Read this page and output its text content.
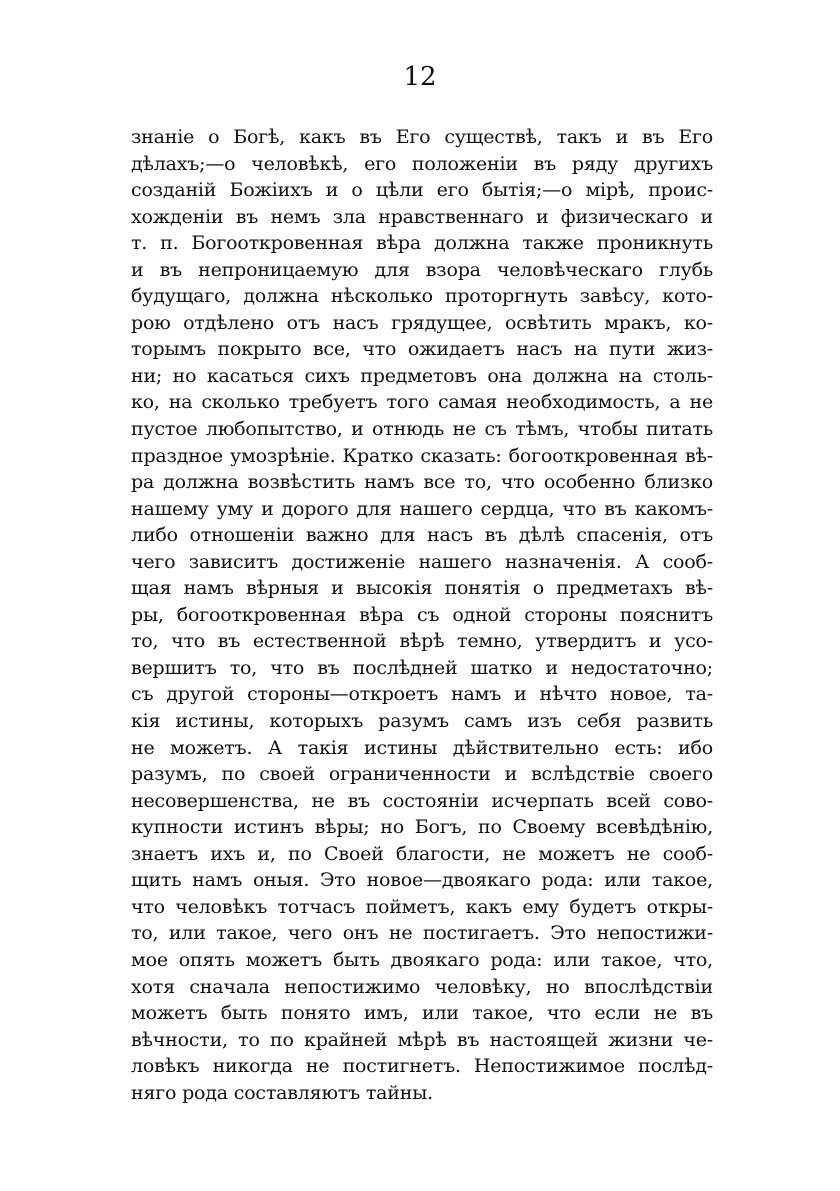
12
знаніе о Богѣ, какъ въ Его существѣ, такъ и въ Его
дѣлахъ;—о человѣкѣ, его положеніи въ ряду другихъ
созданій Божіихъ и о цѣли его бытія;—о мірѣ, проис-
хожденіи въ немъ зла нравственнаго и физическаго и
т. п. Богооткровенная вѣра должна также проникнуть
и въ непроницаемую для взора человѣческаго глубь
будущаго, должна нѣсколько проторгнуть завѣсу, кото-
рою отдѣлено отъ насъ грядущее, освѣтить мракъ, ко-
торымъ покрыто все, что ожидаетъ насъ на пути жиз-
ни; но касаться сихъ предметовъ она должна на столь-
ко, на сколько требуетъ того самая необходимость, а не
пустое любопытство, и отнюдь не съ тѣмъ, чтобы питать
праздное умозрѣніе. Кратко сказать: богооткровенная вѣ-
ра должна возвѣстить намъ все то, что особенно близко
нашему уму и дорого для нашего сердца, что въ какомъ-
либо отношеніи важно для насъ въ дѣлѣ спасенія, отъ
чего зависитъ достиженіе нашего назначенія. А сооб-
щая намъ вѣрныя и высокія понятія о предметахъ вѣ-
ры, богооткровенная вѣра съ одной стороны пояснитъ
то, что въ естественной вѣрѣ темно, утвердитъ и усо-
вершитъ то, что въ послѣдней шатко и недостаточно;
съ другой стороны—откроетъ намъ и нѣчто новое, та-
кія истины, которыхъ разумъ самъ изъ себя развить
не можетъ. А такія истины дѣйствительно есть: ибо
разумъ, по своей ограниченности и вслѣдствіе своего
несовершенства, не въ состояніи исчерпать всей сово-
купности истинъ вѣры; но Богъ, по Своему всевѣдѣнію,
знаетъ ихъ и, по Своей благости, не можетъ не сооб-
щить намъ оныя. Это новое—двоякаго рода: или такое,
что человѣкъ тотчасъ пойметъ, какъ ему будетъ откры-
то, или такое, чего онъ не постигаетъ. Это непостижи-
мое опять можетъ быть двоякаго рода: или такое, что,
хотя сначала непостижимо человѣку, но впослѣдствіи
можетъ быть понято имъ, или такое, что если не въ
вѣчности, то по крайней мѣрѣ въ настоящей жизни че-
ловѣкъ никогда не постигнетъ. Непостижимое послѣд-
няго рода составляютъ тайны.
